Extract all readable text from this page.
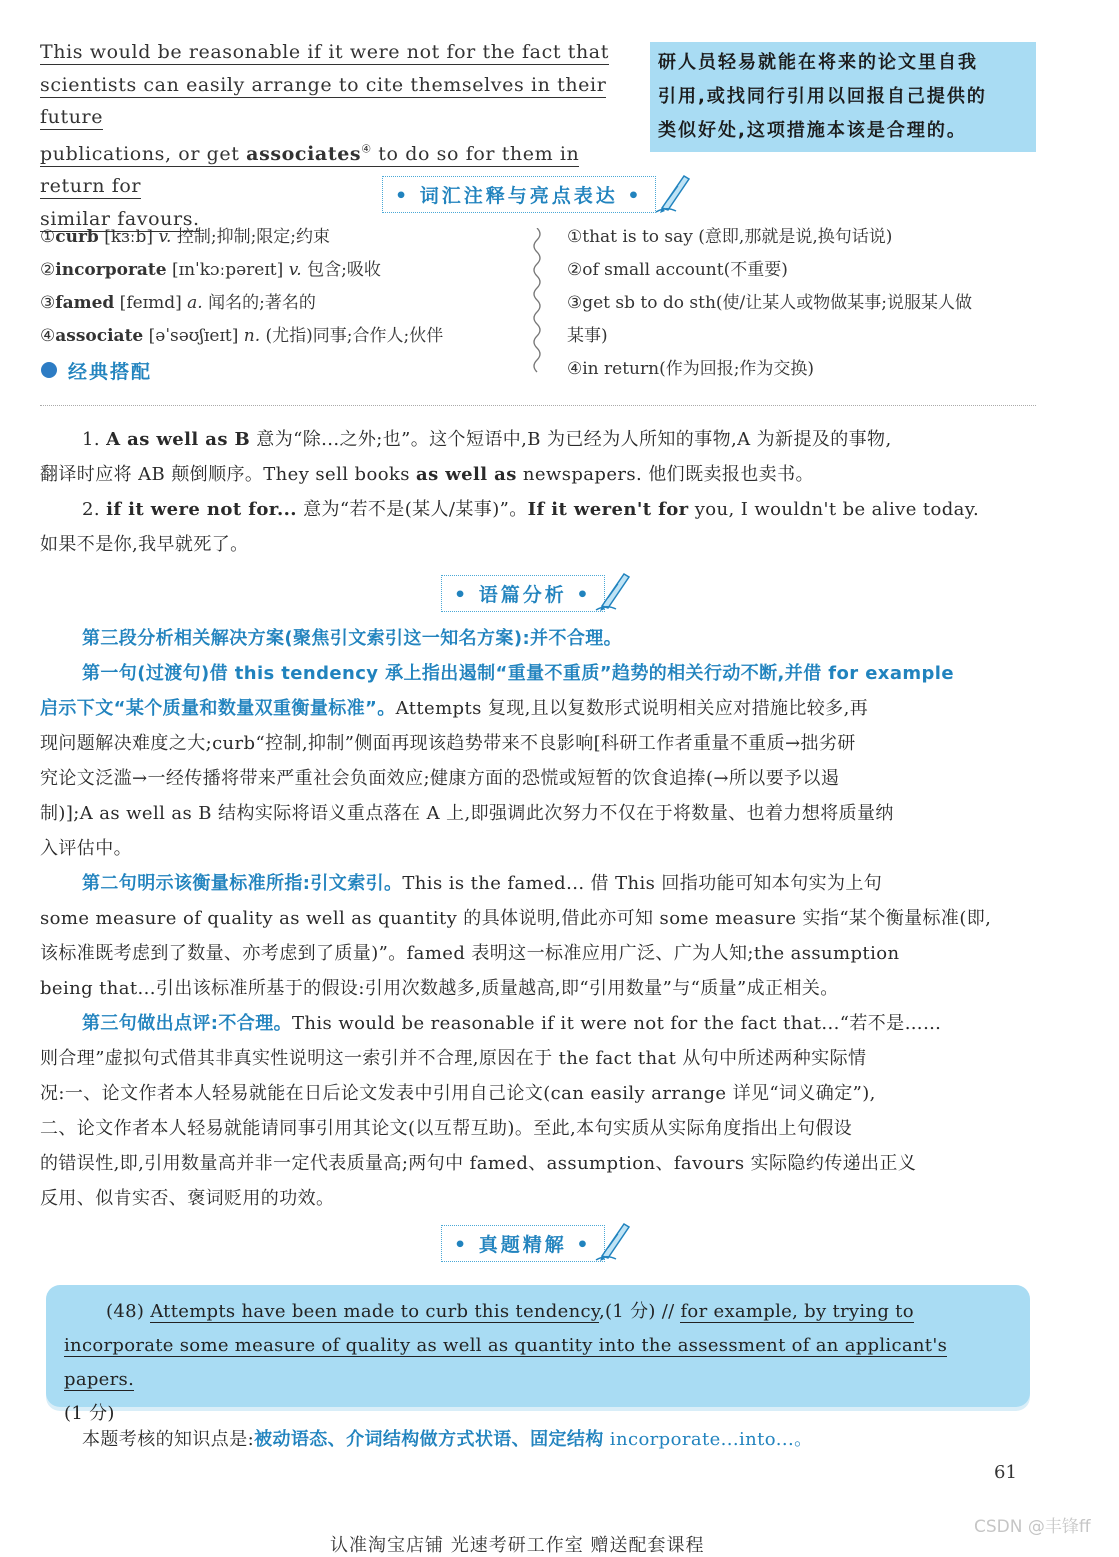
This would be reasonable if it were not for the fact that
scientists can easily arrange to cite themselves in their future
publications, or get associates④ to do so for them in return for
similar favours.
研人员轻易就能在将来的论文里自我
引用,或找同行引用以回报自己提供的
类似好处,这项措施本该是合理的。
• 词汇注释与亮点表达 •
①curb [kɜːb] v. 控制;抑制;限定;约束
②incorporate [ɪnˈkɔːpəreɪt] v. 包含;吸收
③famed [feɪmd] a. 闻名的;著名的
④associate [əˈsəʊʃɪeɪt] n. (尤指)同事;合作人;伙伴
经典搭配
①that is to say (意即,那就是说,换句话说)
②of small account(不重要)
③get sb to do sth(使/让某人或物做某事;说服某人做
某事)
④in return(作为回报;作为交换)
1. A as well as B 意为“除...之外;也”。这个短语中,B 为已经为人所知的事物,A 为新提及的事物,
翻译时应将 AB 颠倒顺序。They sell books as well as newspapers. 他们既卖报也卖书。
2. if it were not for... 意为“若不是(某人/某事)”。If it weren't for you, I wouldn't be alive today.
如果不是你,我早就死了。
• 语篇分析 •
第三段分析相关解决方案(聚焦引文索引这一知名方案):并不合理。
第一句(过渡句)借 this tendency 承上指出遏制“重量不重质”趋势的相关行动不断,并借 for example
启示下文“某个质量和数量双重衡量标准”。Attempts 复现,且以复数形式说明相关应对措施比较多,再
现问题解决难度之大;curb“控制,抑制”侧面再现该趋势带来不良影响[科研工作者重量不重质→拙劣研
究论文泛滥→一经传播将带来严重社会负面效应;健康方面的恐慌或短暂的饮食追捧(→所以要予以遏
制)];A as well as B 结构实际将语义重点落在 A 上,即强调此次努力不仅在于将数量、也着力想将质量纳
入评估中。
第二句明示该衡量标准所指:引文索引。This is the famed... 借 This 回指功能可知本句实为上句
some measure of quality as well as quantity 的具体说明,借此亦可知 some measure 实指“某个衡量标准(即,
该标准既考虑到了数量、亦考虑到了质量)”。famed 表明这一标准应用广泛、广为人知;the assumption
being that...引出该标准所基于的假设:引用次数越多,质量越高,即“引用数量”与“质量”成正相关。
第三句做出点评:不合理。This would be reasonable if it were not for the fact that...“若不是……
则合理”虚拟句式借其非真实性说明这一索引并不合理,原因在于 the fact that 从句中所述两种实际情
况:一、论文作者本人轻易就能在日后论文发表中引用自己论文(can easily arrange 详见“词义确定”),
二、论文作者本人轻易就能请同事引用其论文(以互帮互助)。至此,本句实质从实际角度指出上句假设
的错误性,即,引用数量高并非一定代表质量高;两句中 famed、assumption、favours 实际隐约传递出正义
反用、似肯实否、褒词贬用的功效。
• 真题精解 •
(48) Attempts have been made to curb this tendency,(1 分) // for example, by trying to
incorporate some measure of quality as well as quantity into the assessment of an applicant's papers.
(1 分)
本题考核的知识点是:被动语态、介词结构做方式状语、固定结构 incorporate...into...。
61
CSDN @丰锋ff
认准淘宝店铺 光速考研工作室 赠送配套课程
